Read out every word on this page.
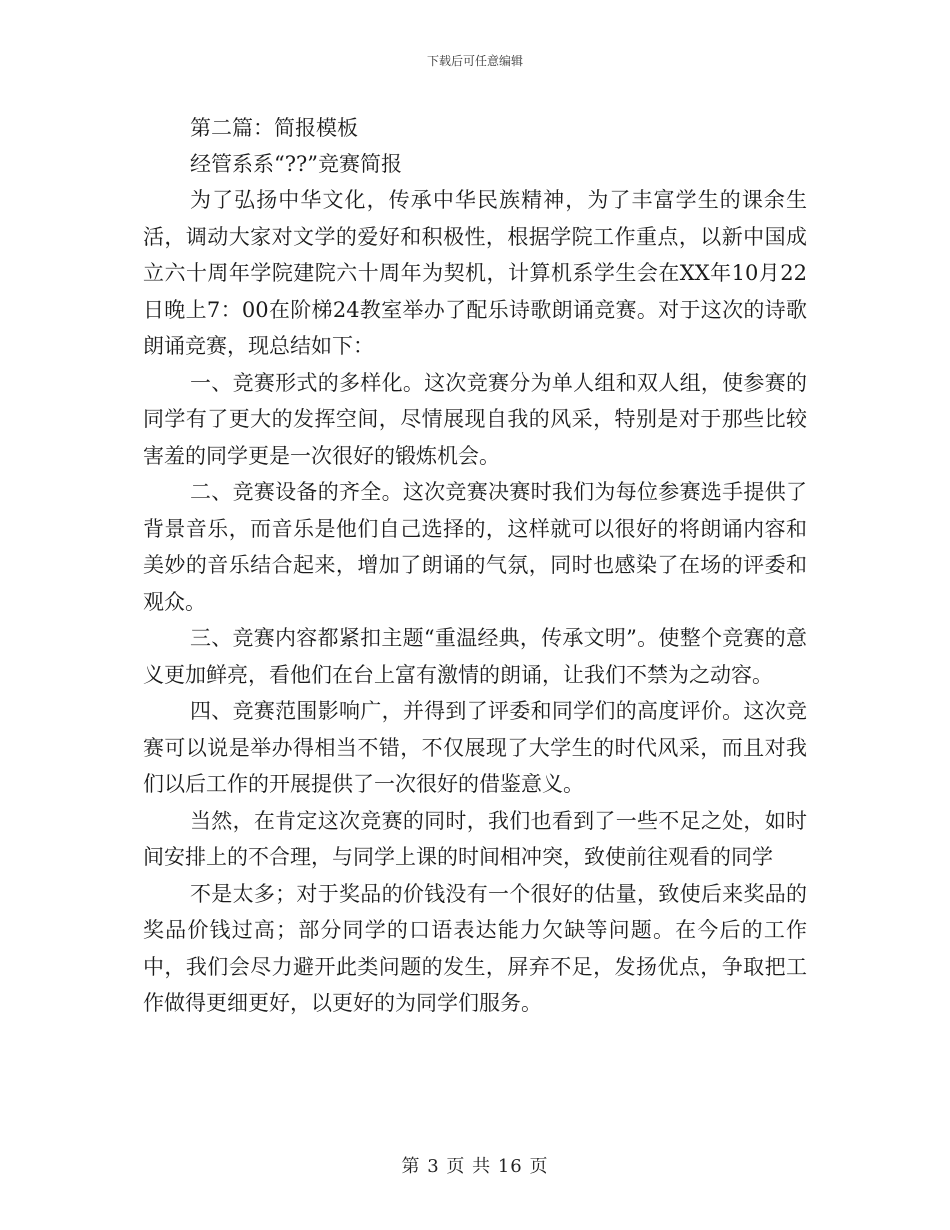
下载后可任意编辑
第二篇：简报模板
经管系系“??”竞赛简报

为了弘扬中华文化，传承中华民族精神，为了丰富学生的课余生活，调动大家对文学的爱好和积极性，根据学院工作重点，以新中国成立六十周年学院建院六十周年为契机，计算机系学生会在XX年10月22日晚上7：00在阶梯24教室举办了配乐诗歌朗诵竞赛。对于这次的诗歌朗诵竞赛，现总结如下：

一、竞赛形式的多样化。这次竞赛分为单人组和双人组，使参赛的同学有了更大的发挥空间，尽情展现自我的风采，特别是对于那些比较害羞的同学更是一次很好的锻炼机会。

二、竞赛设备的齐全。这次竞赛决赛时我们为每位参赛选手提供了背景音乐，而音乐是他们自己选择的，这样就可以很好的将朗诵内容和美妙的音乐结合起来，增加了朗诵的气氛，同时也感染了在场的评委和观众。

三、竞赛内容都紧扣主题“重温经典，传承文明”。使整个竞赛的意义更加鲜亮，看他们在台上富有激情的朗诵，让我们不禁为之动容。

四、竞赛范围影响广，并得到了评委和同学们的高度评价。这次竞赛可以说是举办得相当不错，不仅展现了大学生的时代风采，而且对我们以后工作的开展提供了一次很好的借鉴意义。

当然，在肯定这次竞赛的同时，我们也看到了一些不足之处，如时间安排上的不合理，与同学上课的时间相冲突，致使前往观看的同学

不是太多；对于奖品的价钱没有一个很好的估量，致使后来奖品的奖品价钱过高；部分同学的口语表达能力欠缺等问题。在今后的工作中，我们会尽力避开此类问题的发生，屏弃不足，发扬优点，争取把工作做得更细更好，以更好的为同学们服务。

第 3 页 共 16 页
